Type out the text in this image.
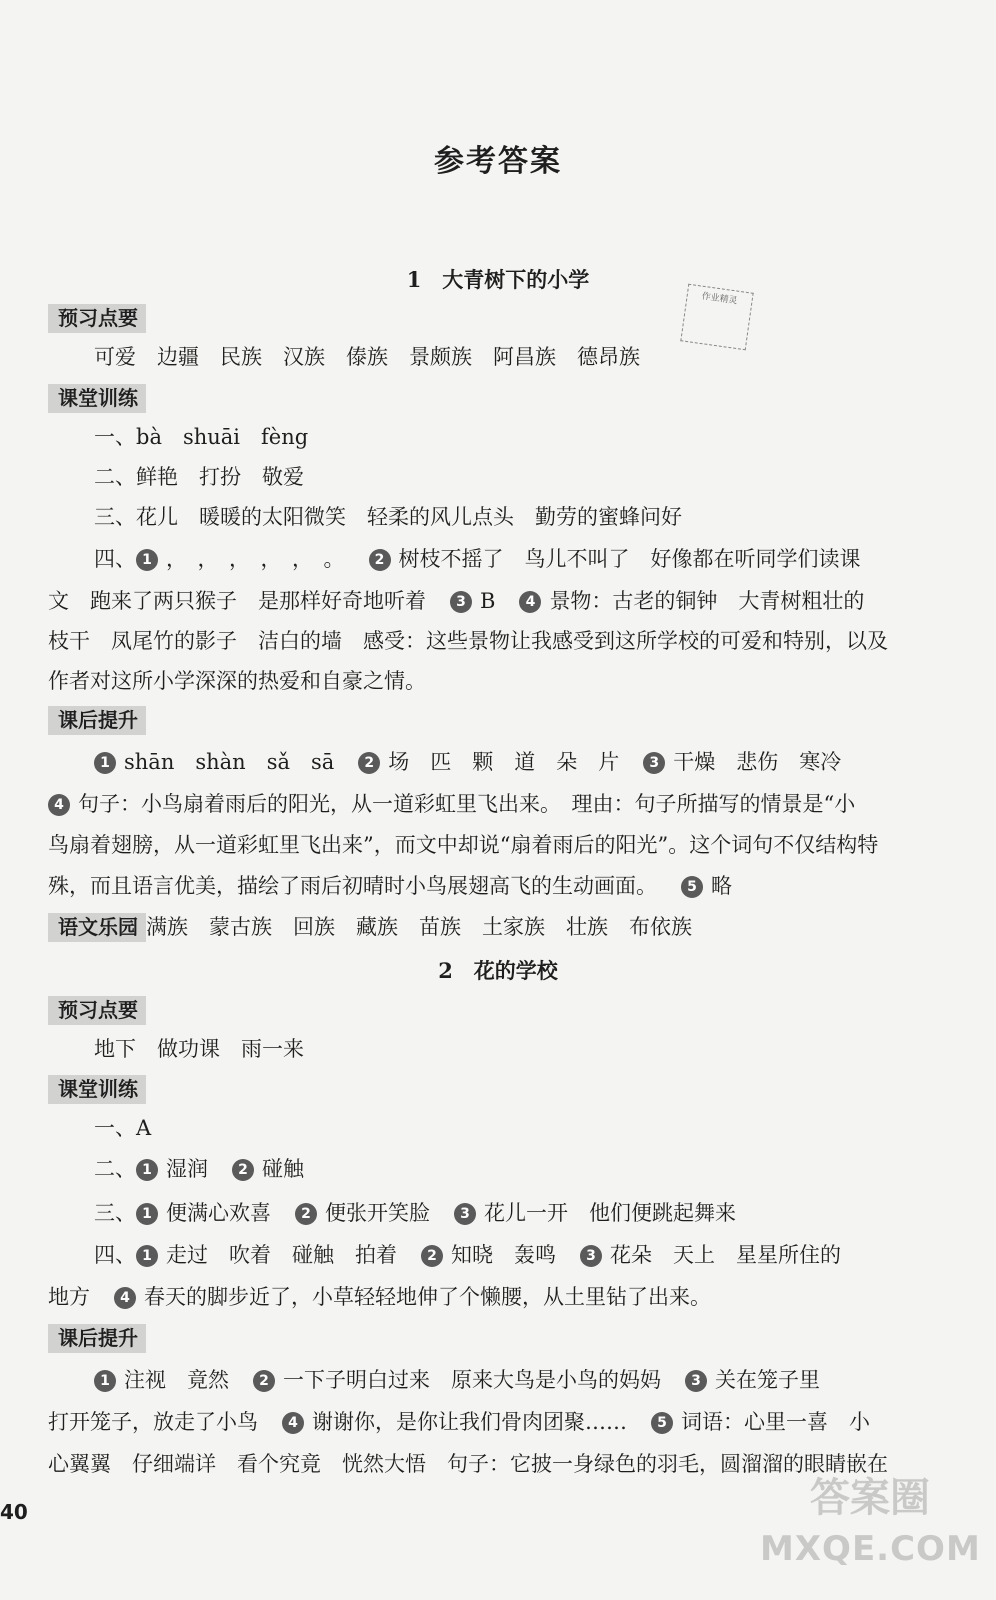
参考答案
1　大青树下的小学
作业精灵
预习点要
可爱　边疆　民族　汉族　傣族　景颇族　阿昌族　德昂族
课堂训练
一、bà　shuāi　fèng
二、鲜艳　打扮　敬爱
三、花儿　暖暖的太阳微笑　轻柔的风儿点头　勤劳的蜜蜂问好
四、 1 ，　，　，　，　，　。 2 树枝不摇了　鸟儿不叫了　好像都在听同学们读课
文　跑来了两只猴子　是那样好奇地听着 3 B 4 景物：古老的铜钟　大青树粗壮的
枝干　凤尾竹的影子　洁白的墙　感受：这些景物让我感受到这所学校的可爱和特别，以及
作者对这所小学深深的热爱和自豪之情。
课后提升
1 shān　shàn　sǎ　sā 2 场　匹　颗　道　朵　片 3 干燥　悲伤　寒冷
4 句子：小鸟扇着雨后的阳光，从一道彩虹里飞出来。　理由：句子所描写的情景是“小
鸟扇着翅膀，从一道彩虹里飞出来”，而文中却说“扇着雨后的阳光”。这个词句不仅结构特
殊，而且语言优美，描绘了雨后初晴时小鸟展翅高飞的生动画面。 5 略
语文乐园 满族　蒙古族　回族　藏族　苗族　土家族　壮族　布依族
2　花的学校
预习点要
地下　做功课　雨一来
课堂训练
一、A
二、 1 湿润 2 碰触
三、 1 便满心欢喜 2 便张开笑脸 3 花儿一开　他们便跳起舞来
四、 1 走过　吹着　碰触　拍着 2 知晓　轰鸣 3 花朵　天上　星星所住的
地方 4 春天的脚步近了，小草轻轻地伸了个懒腰，从土里钻了出来。
课后提升
1 注视　竟然 2 一下子明白过来　原来大鸟是小鸟的妈妈 3 关在笼子里
打开笼子，放走了小鸟 4 谢谢你，是你让我们骨肉团聚…… 5 词语：心里一喜　小
心翼翼　仔细端详　看个究竟　恍然大悟　句子：它披一身绿色的羽毛，圆溜溜的眼睛嵌在
40	答案圈
MXQE.COM
